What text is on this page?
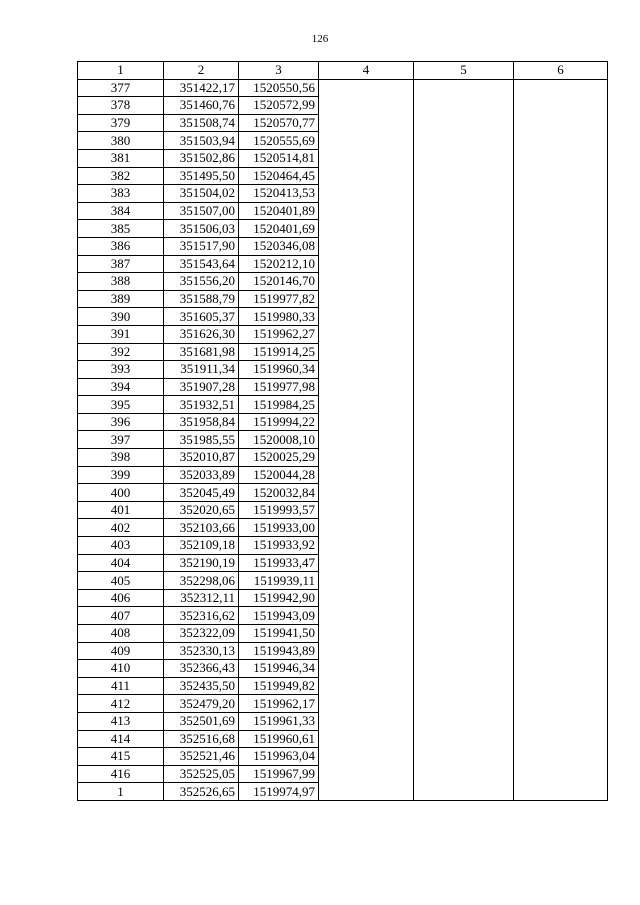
126
1	2	3	4	5	6
377	351422,17	1520550,56			
378	351460,76	1520572,99			
379	351508,74	1520570,77			
380	351503,94	1520555,69			
381	351502,86	1520514,81			
382	351495,50	1520464,45			
383	351504,02	1520413,53			
384	351507,00	1520401,89			
385	351506,03	1520401,69			
386	351517,90	1520346,08			
387	351543,64	1520212,10			
388	351556,20	1520146,70			
389	351588,79	1519977,82			
390	351605,37	1519980,33			
391	351626,30	1519962,27			
392	351681,98	1519914,25			
393	351911,34	1519960,34			
394	351907,28	1519977,98			
395	351932,51	1519984,25			
396	351958,84	1519994,22			
397	351985,55	1520008,10			
398	352010,87	1520025,29			
399	352033,89	1520044,28			
400	352045,49	1520032,84			
401	352020,65	1519993,57			
402	352103,66	1519933,00			
403	352109,18	1519933,92			
404	352190,19	1519933,47			
405	352298,06	1519939,11			
406	352312,11	1519942,90			
407	352316,62	1519943,09			
408	352322,09	1519941,50			
409	352330,13	1519943,89			
410	352366,43	1519946,34			
411	352435,50	1519949,82			
412	352479,20	1519962,17			
413	352501,69	1519961,33			
414	352516,68	1519960,61			
415	352521,46	1519963,04			
416	352525,05	1519967,99			
1	352526,65	1519974,97			
